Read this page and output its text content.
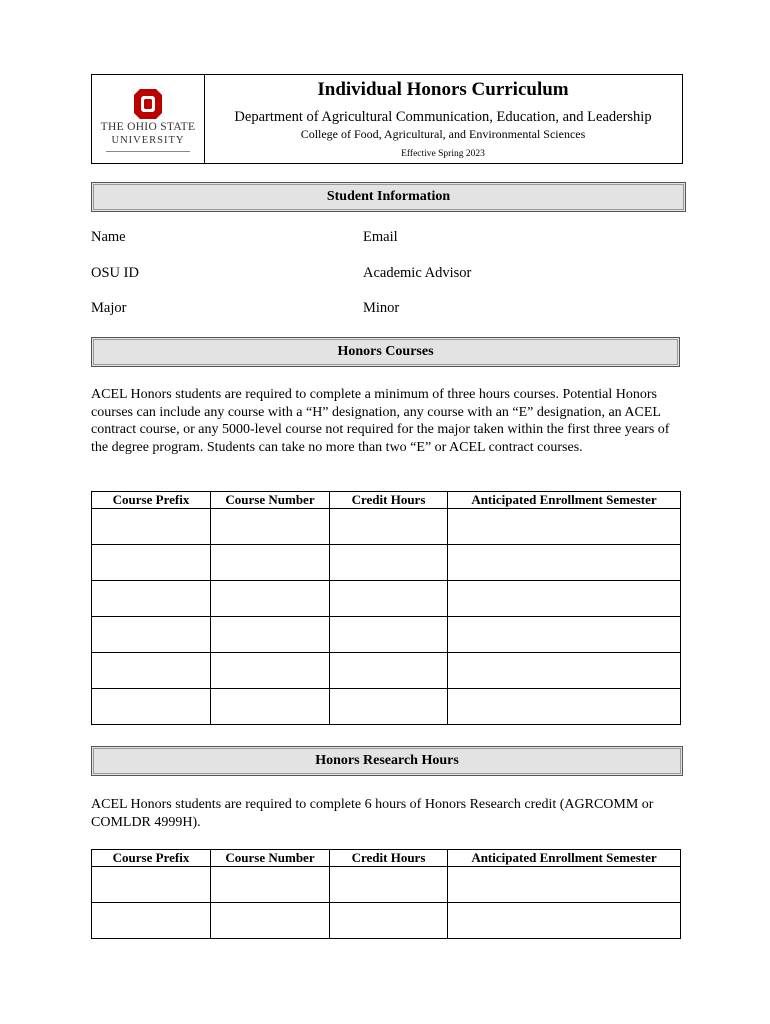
THE OHIO STATE
UNIVERSITY
Individual Honors Curriculum
Department of Agricultural Communication, Education, and Leadership
College of Food, Agricultural, and Environmental Sciences
Effective Spring 2023
Student Information
Name	Email
OSU ID	Academic Advisor
Major	Minor
Honors Courses
ACEL Honors students are required to complete a minimum of three hours courses. Potential Honors courses can include any course with a “H” designation, any course with an “E” designation, an ACEL contract course, or any 5000-level course not required for the major taken within the first three years of the degree program. Students can take no more than two “E” or ACEL contract courses.
Course Prefix	Course Number	Credit Hours	Anticipated Enrollment Semester

Honors Research Hours
ACEL Honors students are required to complete 6 hours of Honors Research credit (AGRCOMM or COMLDR 4999H).
Course Prefix	Course Number	Credit Hours	Anticipated Enrollment Semester
